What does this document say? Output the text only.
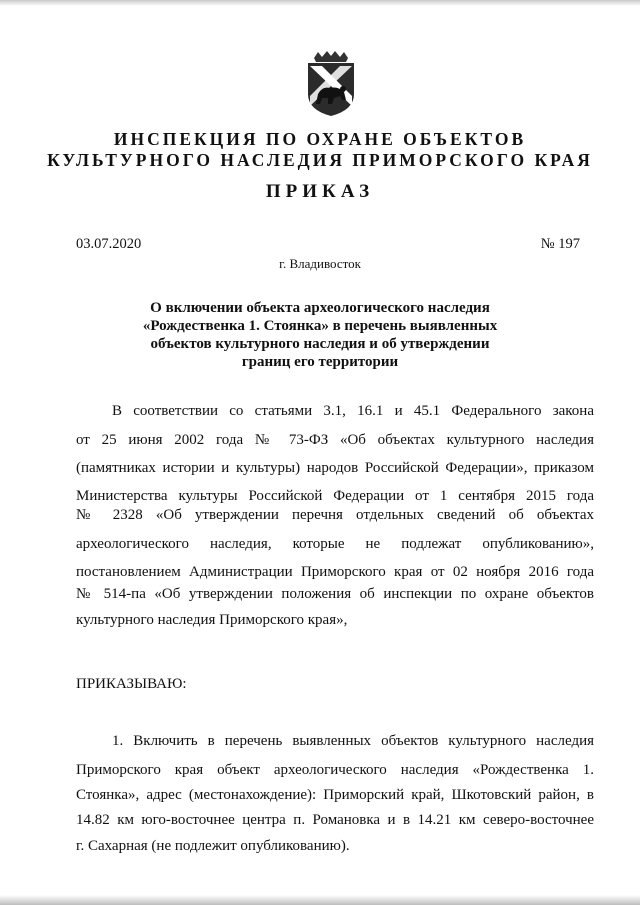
ИНСПЕКЦИЯ ПО ОХРАНЕ ОБЪЕКТОВ
КУЛЬТУРНОГО НАСЛЕДИЯ ПРИМОРСКОГО КРАЯ
ПРИКАЗ
03.07.2020	№ 197
г. Владивосток
О включении объекта археологического наследия
«Рождественка 1. Стоянка» в перечень выявленных
объектов культурного наследия и об утверждении
границ его территории
В соответствии со статьями 3.1, 16.1 и 45.1 Федерального закона
от 25 июня 2002 года № 73-ФЗ «Об объектах культурного наследия
(памятниках истории и культуры) народов Российской Федерации», приказом
Министерства культуры Российской Федерации от 1 сентября 2015 года
№ 2328 «Об утверждении перечня отдельных сведений об объектах
археологического наследия, которые не подлежат опубликованию»,
постановлением Администрации Приморского края от 02 ноября 2016 года
№ 514-па «Об утверждении положения об инспекции по охране объектов
культурного наследия Приморского края»,
ПРИКАЗЫВАЮ:
1. Включить в перечень выявленных объектов культурного наследия
Приморского края объект археологического наследия «Рождественка 1.
Стоянка», адрес (местонахождение): Приморский край, Шкотовский район, в
14.82 км юго-восточнее центра п. Романовка и в 14.21 км северо-восточнее
г. Сахарная (не подлежит опубликованию).
